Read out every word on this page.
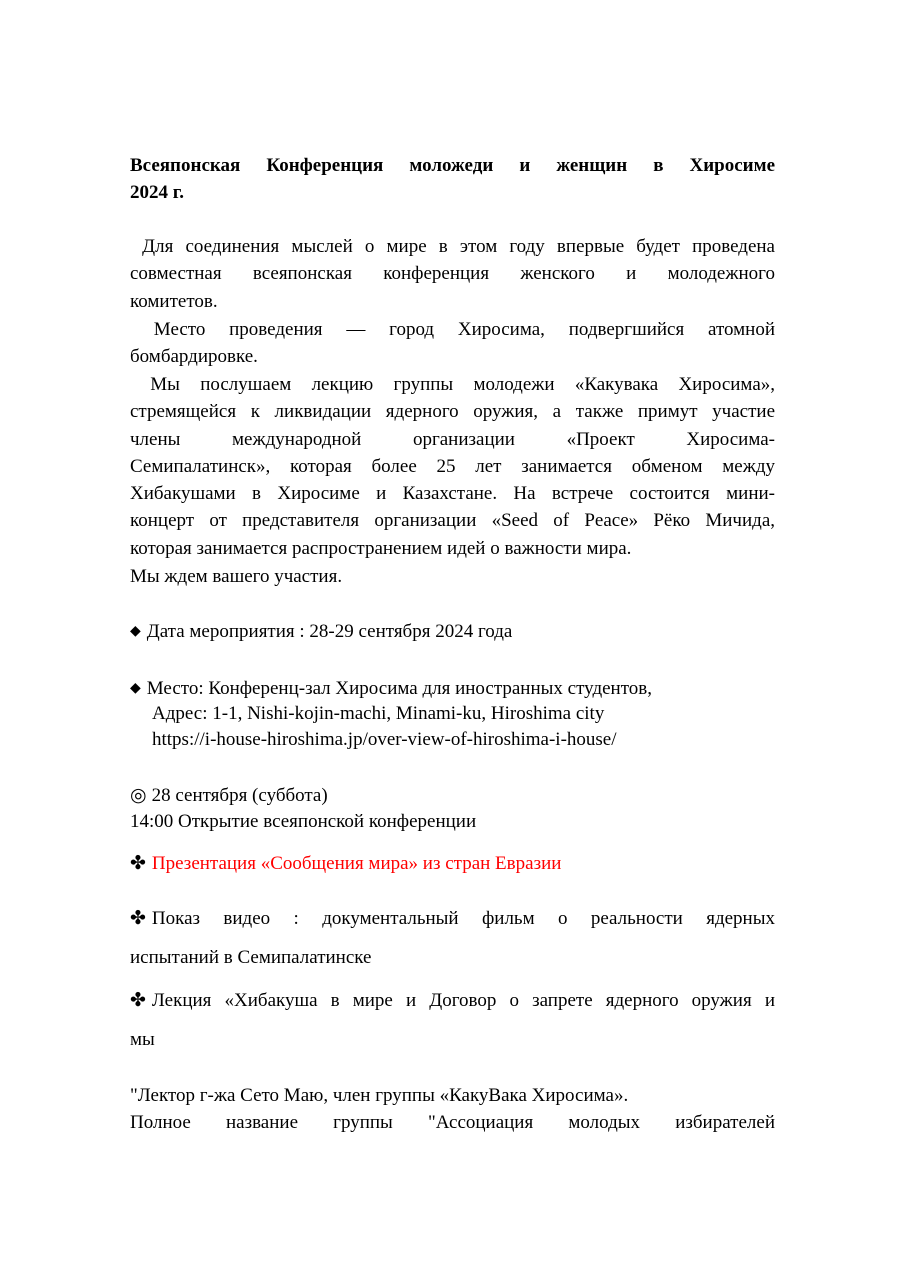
Всеяпонская Конференция моложеди и женщин в Хиросиме
2024 г.
Для соединения мыслей о мире в этом году впервые будет проведена
совместная всеяпонская конференция женского и молодежного
комитетов.
Место проведения — город Хиросима, подвергшийся атомной
бомбардировке.
Мы послушаем лекцию группы молодежи «Какувака Хиросима»,
стремящейся к ликвидации ядерного оружия, а также примут участие
члены международной организации «Проект Хиросима-
Семипалатинск», которая более 25 лет занимается обменом между
Хибакушами в Хиросиме и Казахстане. На встрече состоится мини-
концерт от представителя организации «Seed of Peace» Рёко Мичида,
которая занимается распространением идей о важности мира.
Мы ждем вашего участия.
◆ Дата мероприятия : 28-29 сентября 2024 года
◆ Место: Конференц-зал Хиросима для иностранных студентов,
Адрес: 1-1, Nishi-kojin-machi, Minami-ku, Hiroshima city
https://i-house-hiroshima.jp/over-view-of-hiroshima-i-house/
◎ 28 сентября (суббота)
14:00 Открытие всеяпонской конференции
✤ Презентация «Сообщения мира» из стран Евразии
✤ Показ видео : документальный фильм о реальности ядерных
испытаний в Семипалатинске
✤ Лекция «Хибакуша в мире и Договор о запрете ядерного оружия и
мы
"Лектор г-жа Сето Маю, член группы «КакуВака Хиросима».
Полное название группы "Ассоциация молодых избирателей
